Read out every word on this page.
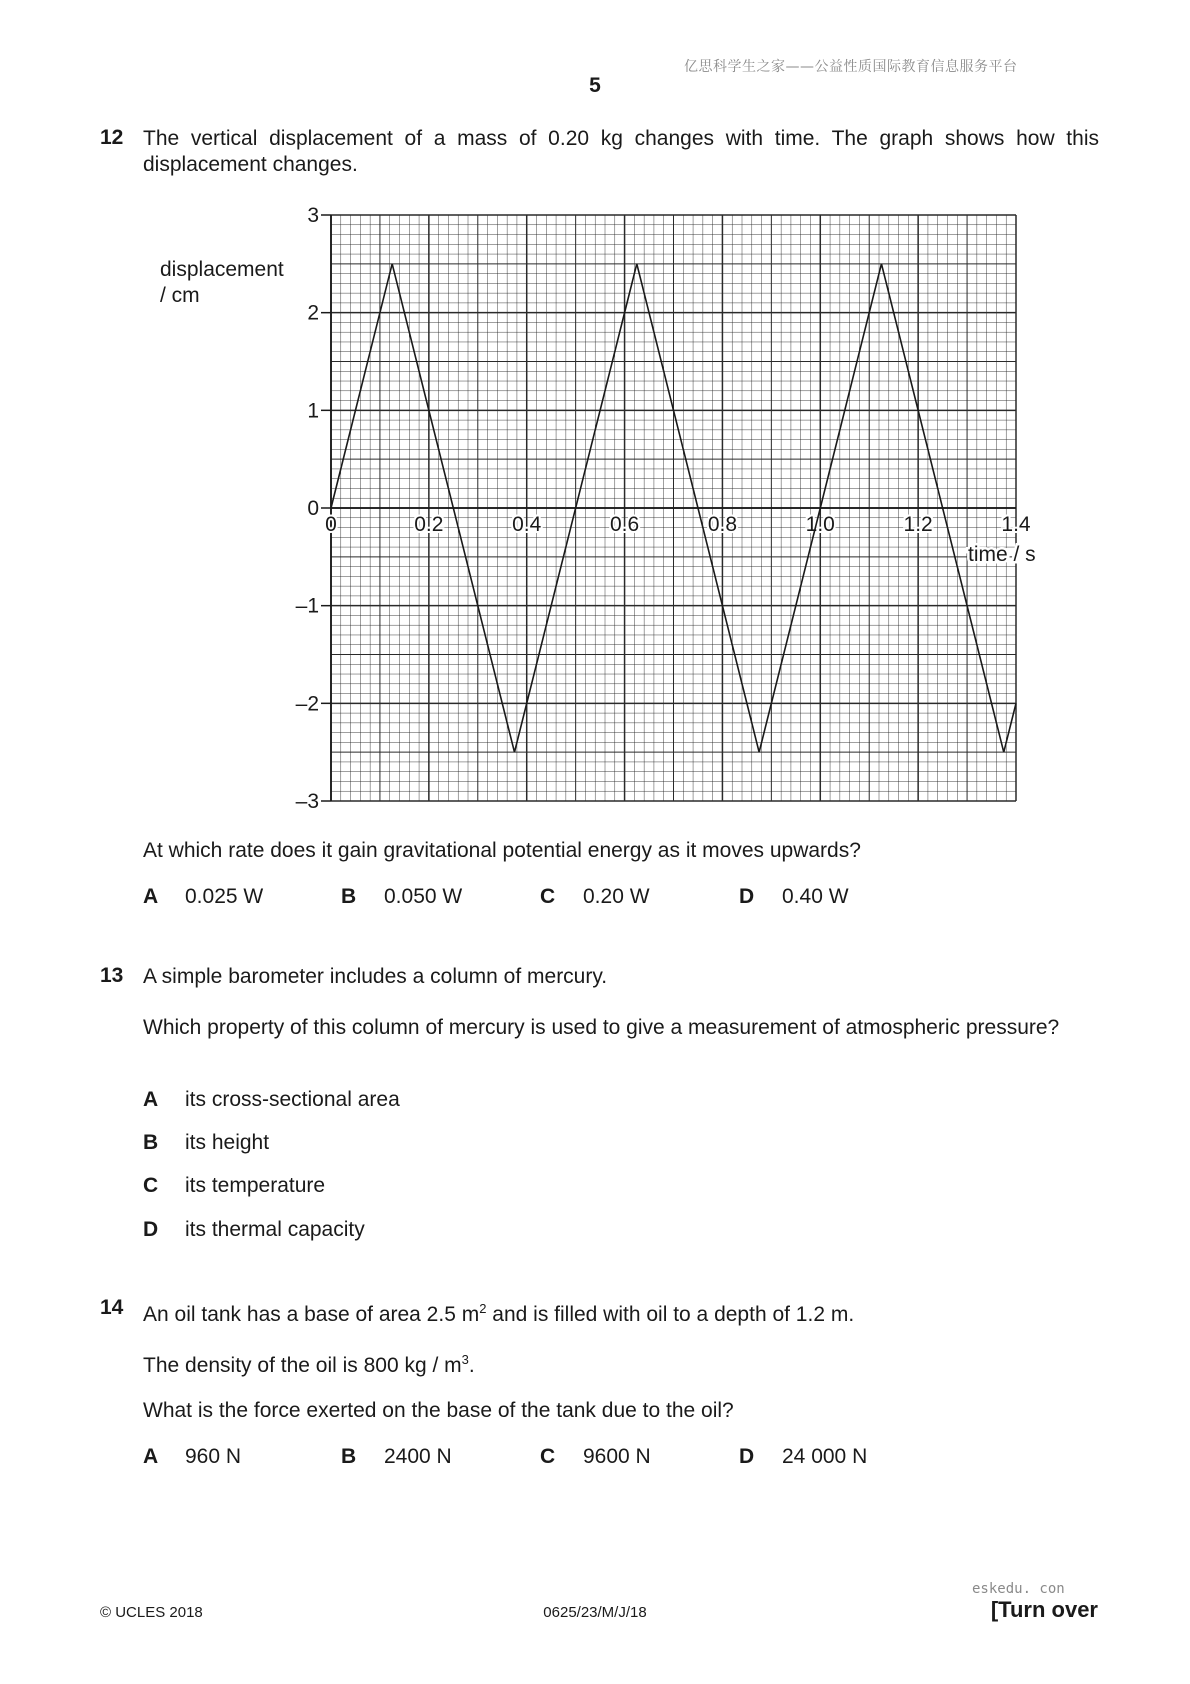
亿思科学生之家——公益性质国际教育信息服务平台
5
12 The vertical displacement of a mass of 0.20 kg changes with time. The graph shows how this displacement changes.
3
2
1
0
–1
–2
–3
0	0.2	0.4	0.6	0.8	1.0	1.2	1.4
displacement
/ cm
time / s
At which rate does it gain gravitational potential energy as it moves upwards?
A 0.025 W	B 0.050 W	C 0.20 W	D 0.40 W
13 A simple barometer includes a column of mercury.
Which property of this column of mercury is used to give a measurement of atmospheric pressure?
A its cross-sectional area
B its height
C its temperature
D its thermal capacity
14 An oil tank has a base of area 2.5 $m^2$ and is filled with oil to a depth of 1.2 m.
The density of the oil is 800 kg / $m^3$.
What is the force exerted on the base of the tank due to the oil?
A 960 N	B 2400 N	C 9600 N	D 24 000 N
eskedu. con
© UCLES 2018	0625/23/M/J/18	[Turn over
